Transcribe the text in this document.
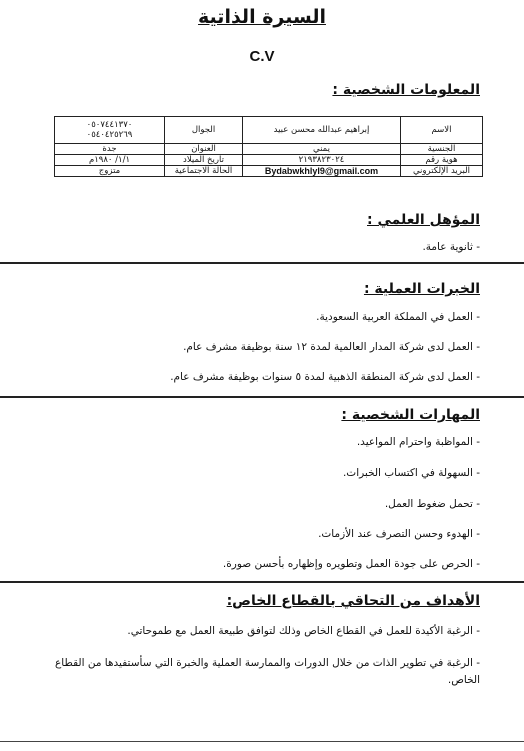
السيرة الذاتية
C.V
المعلومات الشخصية :
الاسم	إبراهيم عبدالله محسن عبيد	الجوال	٠٥٠٧٤٤١٣٧٠
٠٥٤٠٤٢٥٢٦٩

الجنسية	يمني	العنوان	جدة
هوية رقم	٢١٩٣٨٢٣٠٢٤	تاريخ الميلاد	١/١/ ١٩٨٠م
البريد الإلكتروني	Bydabwkhlyl9@gmail.com	الحالة الاجتماعية	متزوج
المؤهل العلمي :
- ثانوية عامة.
الخبرات العملية :
- العمل في المملكة العربية السعودية.
- العمل لدى شركة المدار العالمية لمدة ١٢ سنة بوظيفة مشرف عام.
- العمل لدى شركة المنطقة الذهبية لمدة ٥ سنوات بوظيفة مشرف عام.
المهارات الشخصية :
- المواظبة واحترام المواعيد.
- السهولة في اكتساب الخبرات.
- تحمل ضغوط العمل.
- الهدوء وحسن التصرف عند الأزمات.
- الحرص على جودة العمل وتطويره وإظهاره بأحسن صورة.
الأهداف من التحاقي بالقطاع الخاص:
- الرغبة الأكيدة للعمل في القطاع الخاص وذلك لتوافق طبيعة العمل مع طموحاتي.
- الرغبة في تطوير الذات من خلال الدورات والممارسة العملية والخبرة التي سأستفيدها من القطاع الخاص.
